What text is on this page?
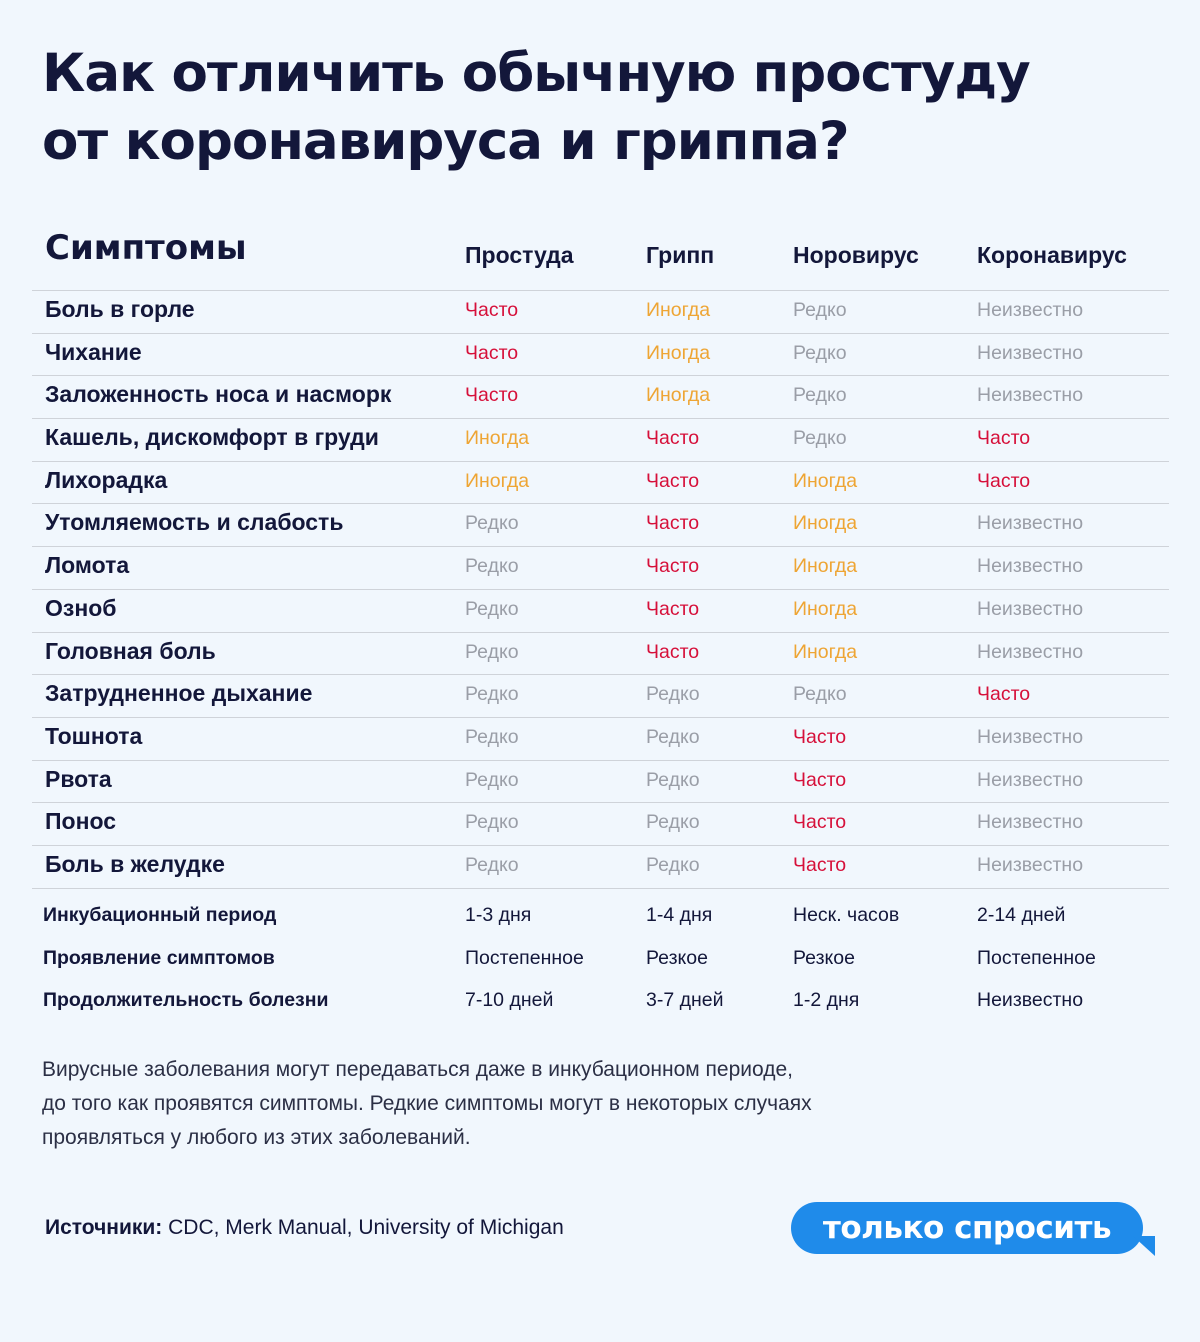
Как отличить обычную простуду
от коронавируса и гриппа?
Симптомы	Простуда	Грипп	Норовирус	Коронавирус
Боль в горле	Часто	Иногда	Редко	Неизвестно
Чихание	Часто	Иногда	Редко	Неизвестно
Заложенность носа и насморк	Часто	Иногда	Редко	Неизвестно
Кашель, дискомфорт в груди	Иногда	Часто	Редко	Часто
Лихорадка	Иногда	Часто	Иногда	Часто
Утомляемость и слабость	Редко	Часто	Иногда	Неизвестно
Ломота	Редко	Часто	Иногда	Неизвестно
Озноб	Редко	Часто	Иногда	Неизвестно
Головная боль	Редко	Часто	Иногда	Неизвестно
Затрудненное дыхание	Редко	Редко	Редко	Часто
Тошнота	Редко	Редко	Часто	Неизвестно
Рвота	Редко	Редко	Часто	Неизвестно
Понос	Редко	Редко	Часто	Неизвестно
Боль в желудке	Редко	Редко	Часто	Неизвестно
Инкубационный период	1-3 дня	1-4 дня	Неск. часов	2-14 дней
Проявление симптомов	Постепенное	Резкое	Резкое	Постепенное
Продолжительность болезни	7-10 дней	3-7 дней	1-2 дня	Неизвестно
Вирусные заболевания могут передаваться даже в инкубационном периоде,
до того как проявятся симптомы. Редкие симптомы могут в некоторых случаях
проявляться у любого из этих заболеваний.
Источники: CDC, Merk Manual, University of Michigan	только спросить
